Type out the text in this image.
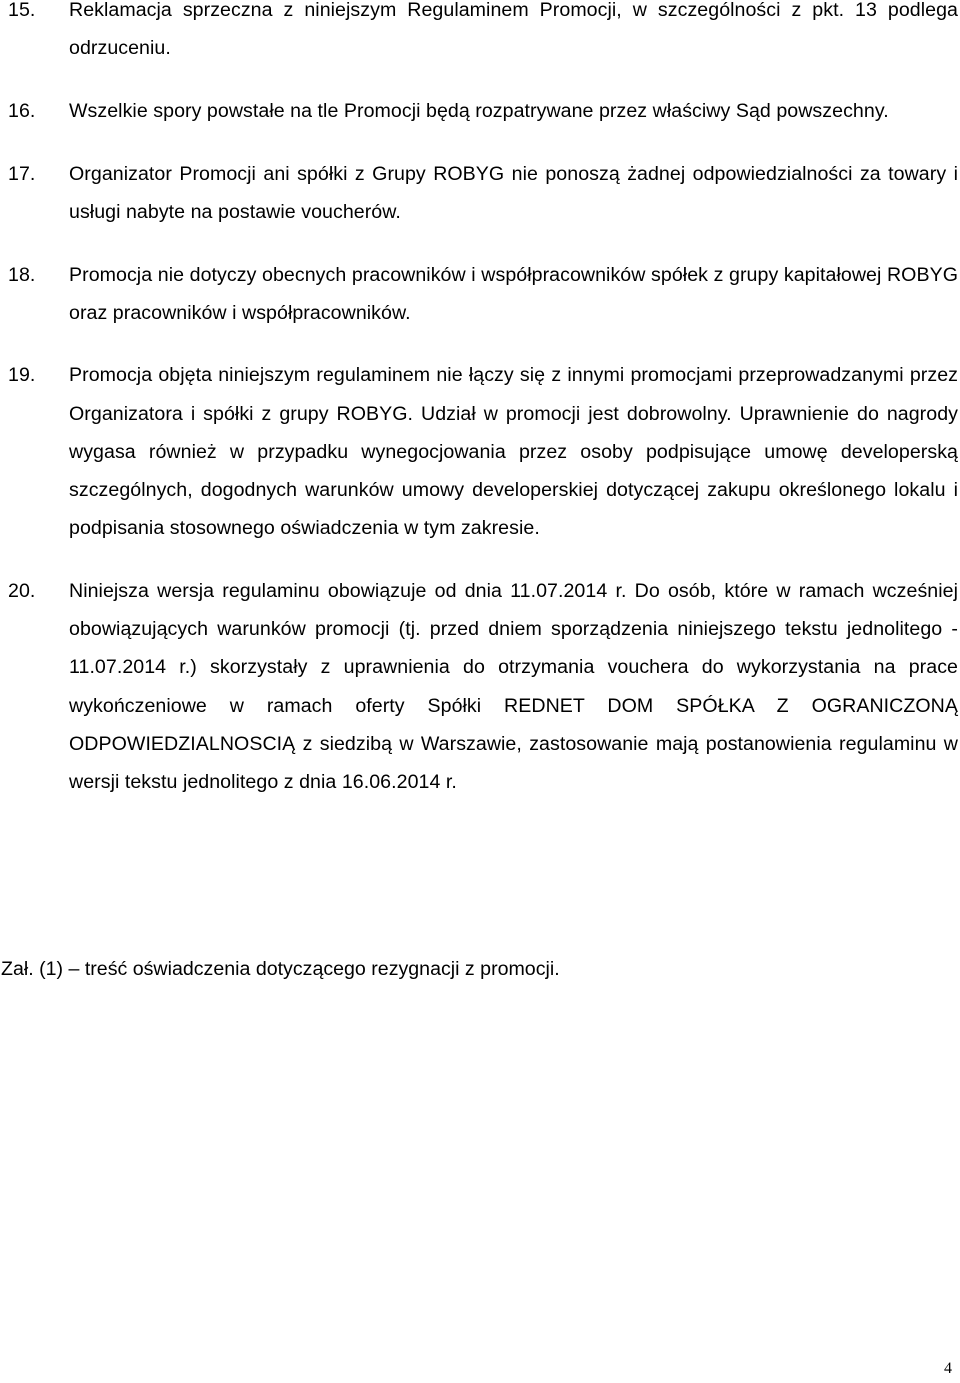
15.	Reklamacja sprzeczna z niniejszym Regulaminem Promocji, w szczególności z pkt. 13 podlega odrzuceniu.
16.	Wszelkie spory powstałe na tle Promocji będą rozpatrywane przez właściwy Sąd powszechny.
17.	Organizator Promocji ani spółki z Grupy ROBYG nie ponoszą żadnej odpowiedzialności za towary i usługi nabyte na postawie voucherów.
18.	Promocja nie dotyczy obecnych pracowników i współpracowników spółek z grupy kapitałowej ROBYG oraz pracowników i współpracowników.
19.	Promocja objęta niniejszym regulaminem nie łączy się z innymi promocjami przeprowadzanymi przez Organizatora i spółki z grupy ROBYG. Udział w promocji jest dobrowolny. Uprawnienie do nagrody wygasa również w przypadku wynegocjowania przez osoby podpisujące umowę developerską szczególnych, dogodnych warunków umowy developerskiej dotyczącej zakupu określonego lokalu i podpisania stosownego oświadczenia w tym zakresie.
20.	Niniejsza wersja regulaminu obowiązuje od dnia 11.07.2014 r. Do osób, które w ramach wcześniej obowiązujących warunków promocji (tj. przed dniem sporządzenia niniejszego tekstu jednolitego - 11.07.2014 r.) skorzystały z uprawnienia do otrzymania vouchera do wykorzystania na prace wykończeniowe w ramach oferty Spółki REDNET DOM SPÓŁKA Z OGRANICZONĄ ODPOWIEDZIALNOSCIĄ z siedzibą w Warszawie, zastosowanie mają postanowienia regulaminu w wersji tekstu jednolitego z dnia 16.06.2014 r.
Zał. (1) – treść oświadczenia dotyczącego rezygnacji z promocji.
4
